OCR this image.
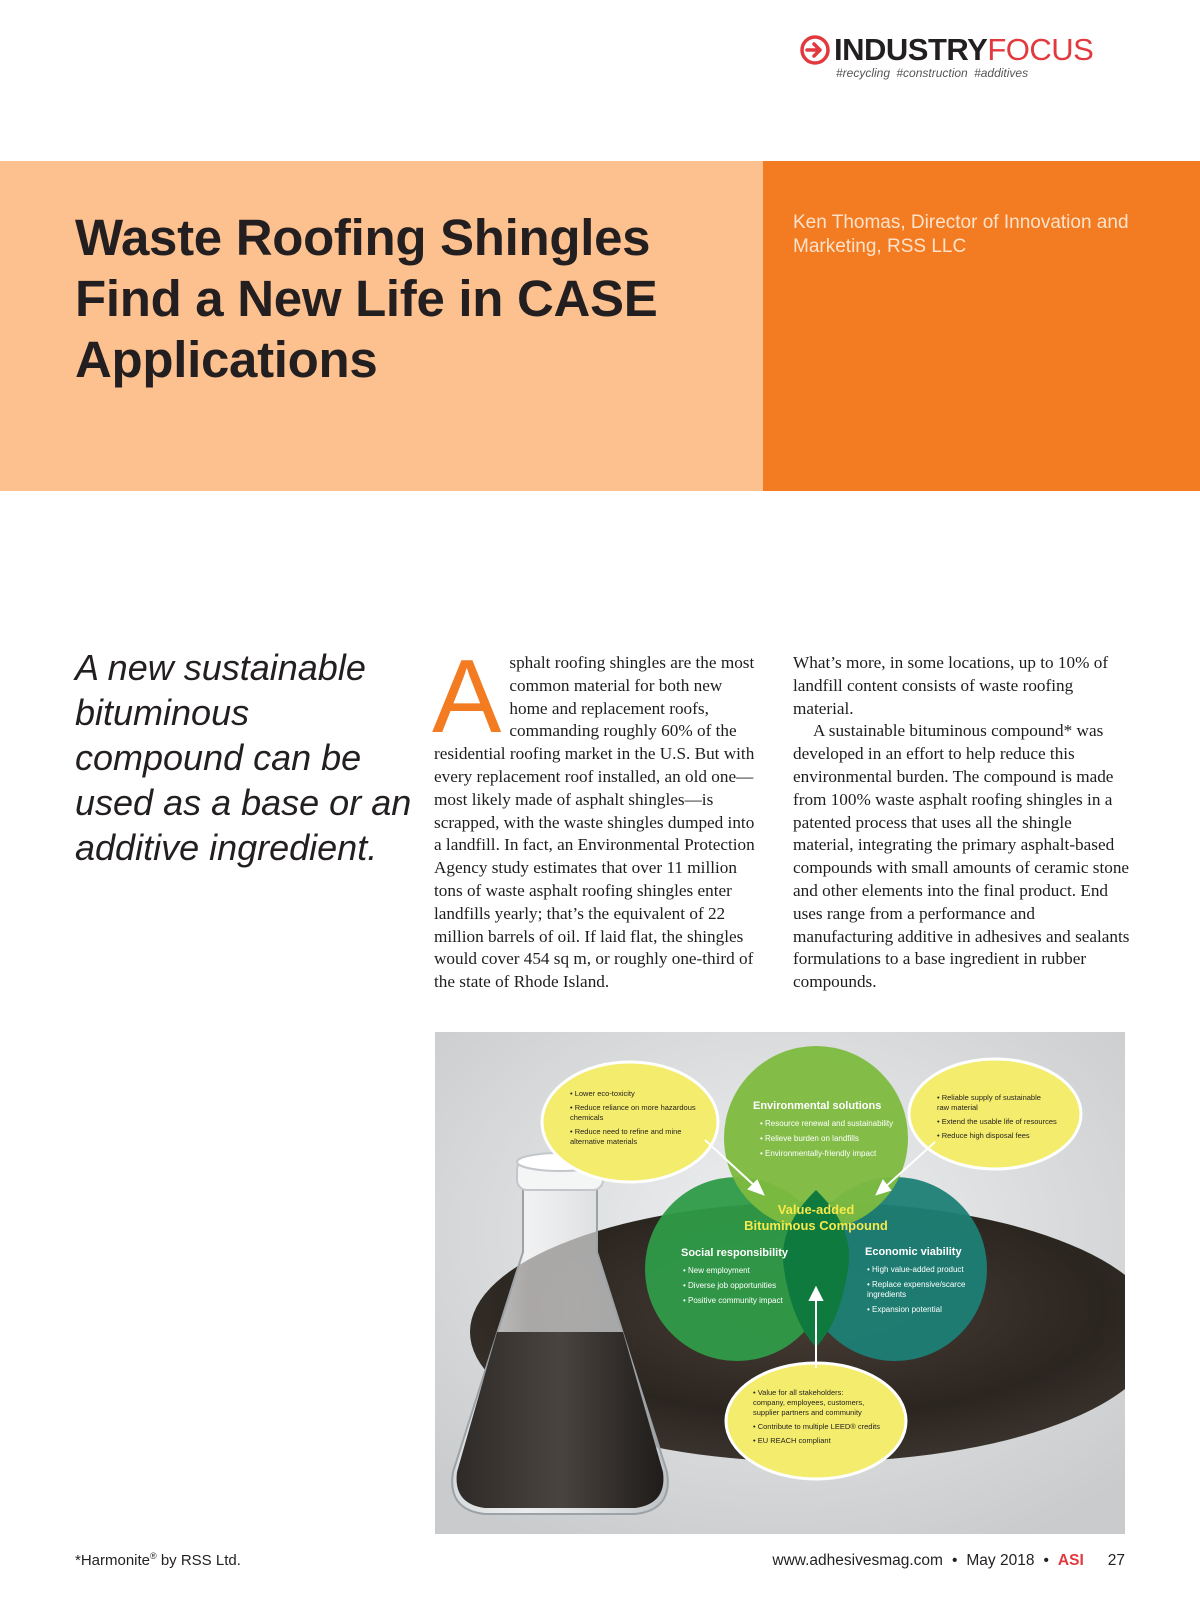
INDUSTRY FOCUS
#recycling #construction #additives
Waste Roofing Shingles Find a New Life in CASE Applications
Ken Thomas, Director of Innovation and Marketing, RSS LLC
A new sustainable bituminous compound can be used as a base or an additive ingredient.
A sphalt roofing shingles are the most common material for both new home and replacement roofs, commanding roughly 60% of the residential roofing market in the U.S. But with every replacement roof installed, an old one—most likely made of asphalt shingles—is scrapped, with the waste shingles dumped into a landfill. In fact, an Environmental Protection Agency study estimates that over 11 million tons of waste asphalt roofing shingles enter landfills yearly; that’s the equivalent of 22 million barrels of oil. If laid flat, the shingles would cover 454 sq m, or roughly one-third of the state of Rhode Island.

What’s more, in some locations, up to 10% of landfill content consists of waste roofing material.

A sustainable bituminous compound* was developed in an effort to help reduce this environmental burden. The compound is made from 100% waste asphalt roofing shingles in a patented process that uses all the shingle material, integrating the primary asphalt-based compounds with small amounts of ceramic stone and other elements into the final product. End uses range from a performance and manufacturing additive in adhesives and sealants formulations to a base ingredient in rubber compounds.

Environmental solutions
• Resource renewal and sustainability
• Relieve burden on landfills
• Environmentally-friendly impact
Social responsibility
• New employment
• Diverse job opportunities
• Positive community impact
Economic viability
• High value-added product
• Replace expensive/scarce
ingredients
• Expansion potential
Value-added
Bituminous Compound
• Lower eco-toxicity
• Reduce reliance on more hazardous
chemicals
• Reduce need to refine and mine
alternative materials
• Reliable supply of sustainable
raw material
• Extend the usable life of resources
• Reduce high disposal fees
• Value for all stakeholders:
company, employees, customers,
supplier partners and community
• Contribute to multiple LEED® credits
• EU REACH compliant
*Harmonite® by RSS Ltd.	www.adhesivesmag.com • May 2018 • ASI 27
